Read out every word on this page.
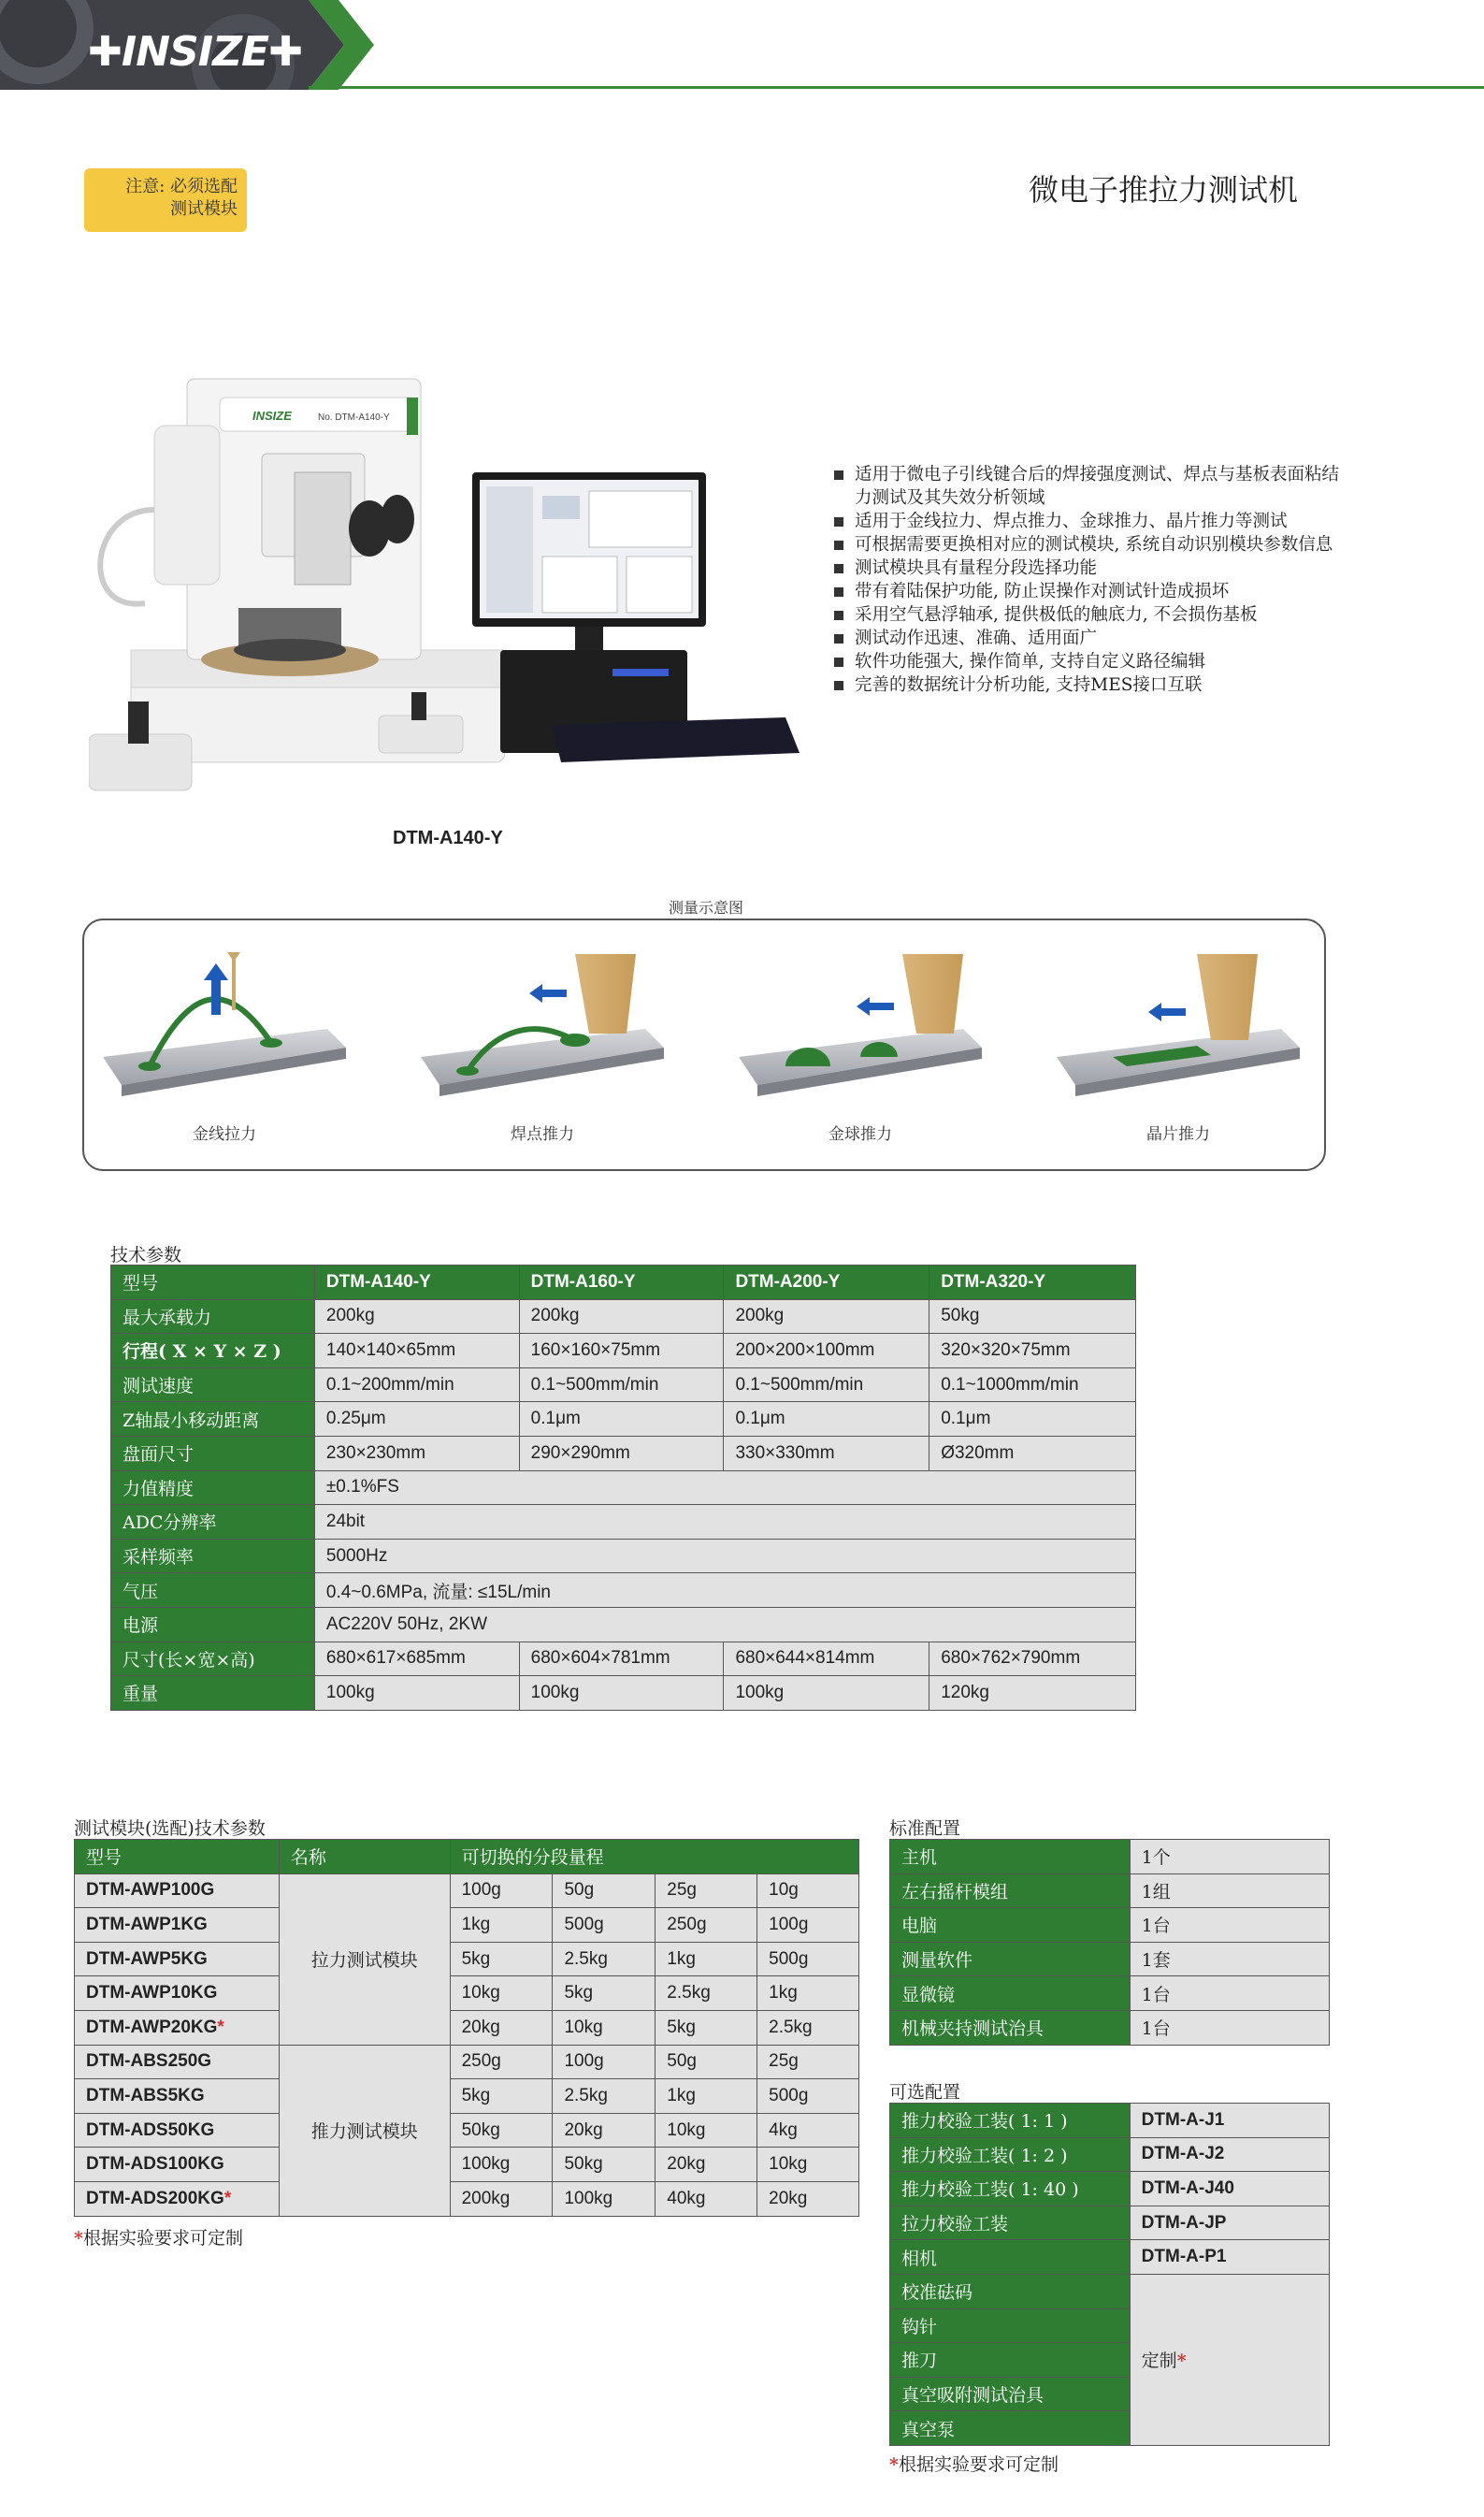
✚INSIZE✚
注意: 必须选配
测试模块
微电子推拉力测试机
INSIZE	No. DTM-A140-Y
DTM-A140-Y
适用于微电子引线键合后的焊接强度测试、焊点与基板表面粘结力测试及其失效分析领域
适用于金线拉力、焊点推力、金球推力、晶片推力等测试
可根据需要更换相对应的测试模块, 系统自动识别模块参数信息
测试模块具有量程分段选择功能
带有着陆保护功能, 防止误操作对测试针造成损坏
采用空气悬浮轴承, 提供极低的触底力, 不会损伤基板
测试动作迅速、准确、适用面广
软件功能强大, 操作简单, 支持自定义路径编辑
完善的数据统计分析功能, 支持MES接口互联
测量示意图
金线拉力	焊点推力	金球推力	晶片推力
技术参数
型号	DTM-A140-Y	DTM-A160-Y	DTM-A200-Y	DTM-A320-Y
最大承载力	200kg	200kg	200kg	50kg
行程( X × Y × Z )	140×140×65mm	160×160×75mm	200×200×100mm	320×320×75mm
测试速度	0.1~200mm/min	0.1~500mm/min	0.1~500mm/min	0.1~1000mm/min
Z轴最小移动距离	0.25μm	0.1μm	0.1μm	0.1μm
盘面尺寸	230×230mm	290×290mm	330×330mm	Ø320mm
力值精度	±0.1%FS			
ADC分辨率	24bit			
采样频率	5000Hz			
气压	0.4~0.6MPa, 流量: ≤15L/min			
电源	AC220V 50Hz, 2KW			
尺寸(长×宽×高)	680×617×685mm	680×604×781mm	680×644×814mm	680×762×790mm
重量	100kg	100kg	100kg	120kg
测试模块(选配)技术参数
型号	名称	可切换的分段量程			
DTM-AWP100G	拉力测试模块	100g	50g	25g	10g
DTM-AWP1KG		1kg	500g	250g	100g
DTM-AWP5KG		5kg	2.5kg	1kg	500g
DTM-AWP10KG		10kg	5kg	2.5kg	1kg
DTM-AWP20KG*		20kg	10kg	5kg	2.5kg
DTM-ABS250G	推力测试模块	250g	100g	50g	25g
DTM-ABS5KG		5kg	2.5kg	1kg	500g
DTM-ADS50KG		50kg	20kg	10kg	4kg
DTM-ADS100KG		100kg	50kg	20kg	10kg
DTM-ADS200KG*		200kg	100kg	40kg	20kg
*根据实验要求可定制
标准配置
主机	1个
左右摇杆模组	1组
电脑	1台
测量软件	1套
显微镜	1台
机械夹持测试治具	1台
可选配置
推力校验工装( 1: 1 )	DTM-A-J1
推力校验工装( 1: 2 )	DTM-A-J2
推力校验工装( 1: 40 )	DTM-A-J40
拉力校验工装	DTM-A-JP
相机	DTM-A-P1
校准砝码	定制*
钩针	
推刀	
真空吸附测试治具	
真空泵	
*根据实验要求可定制
